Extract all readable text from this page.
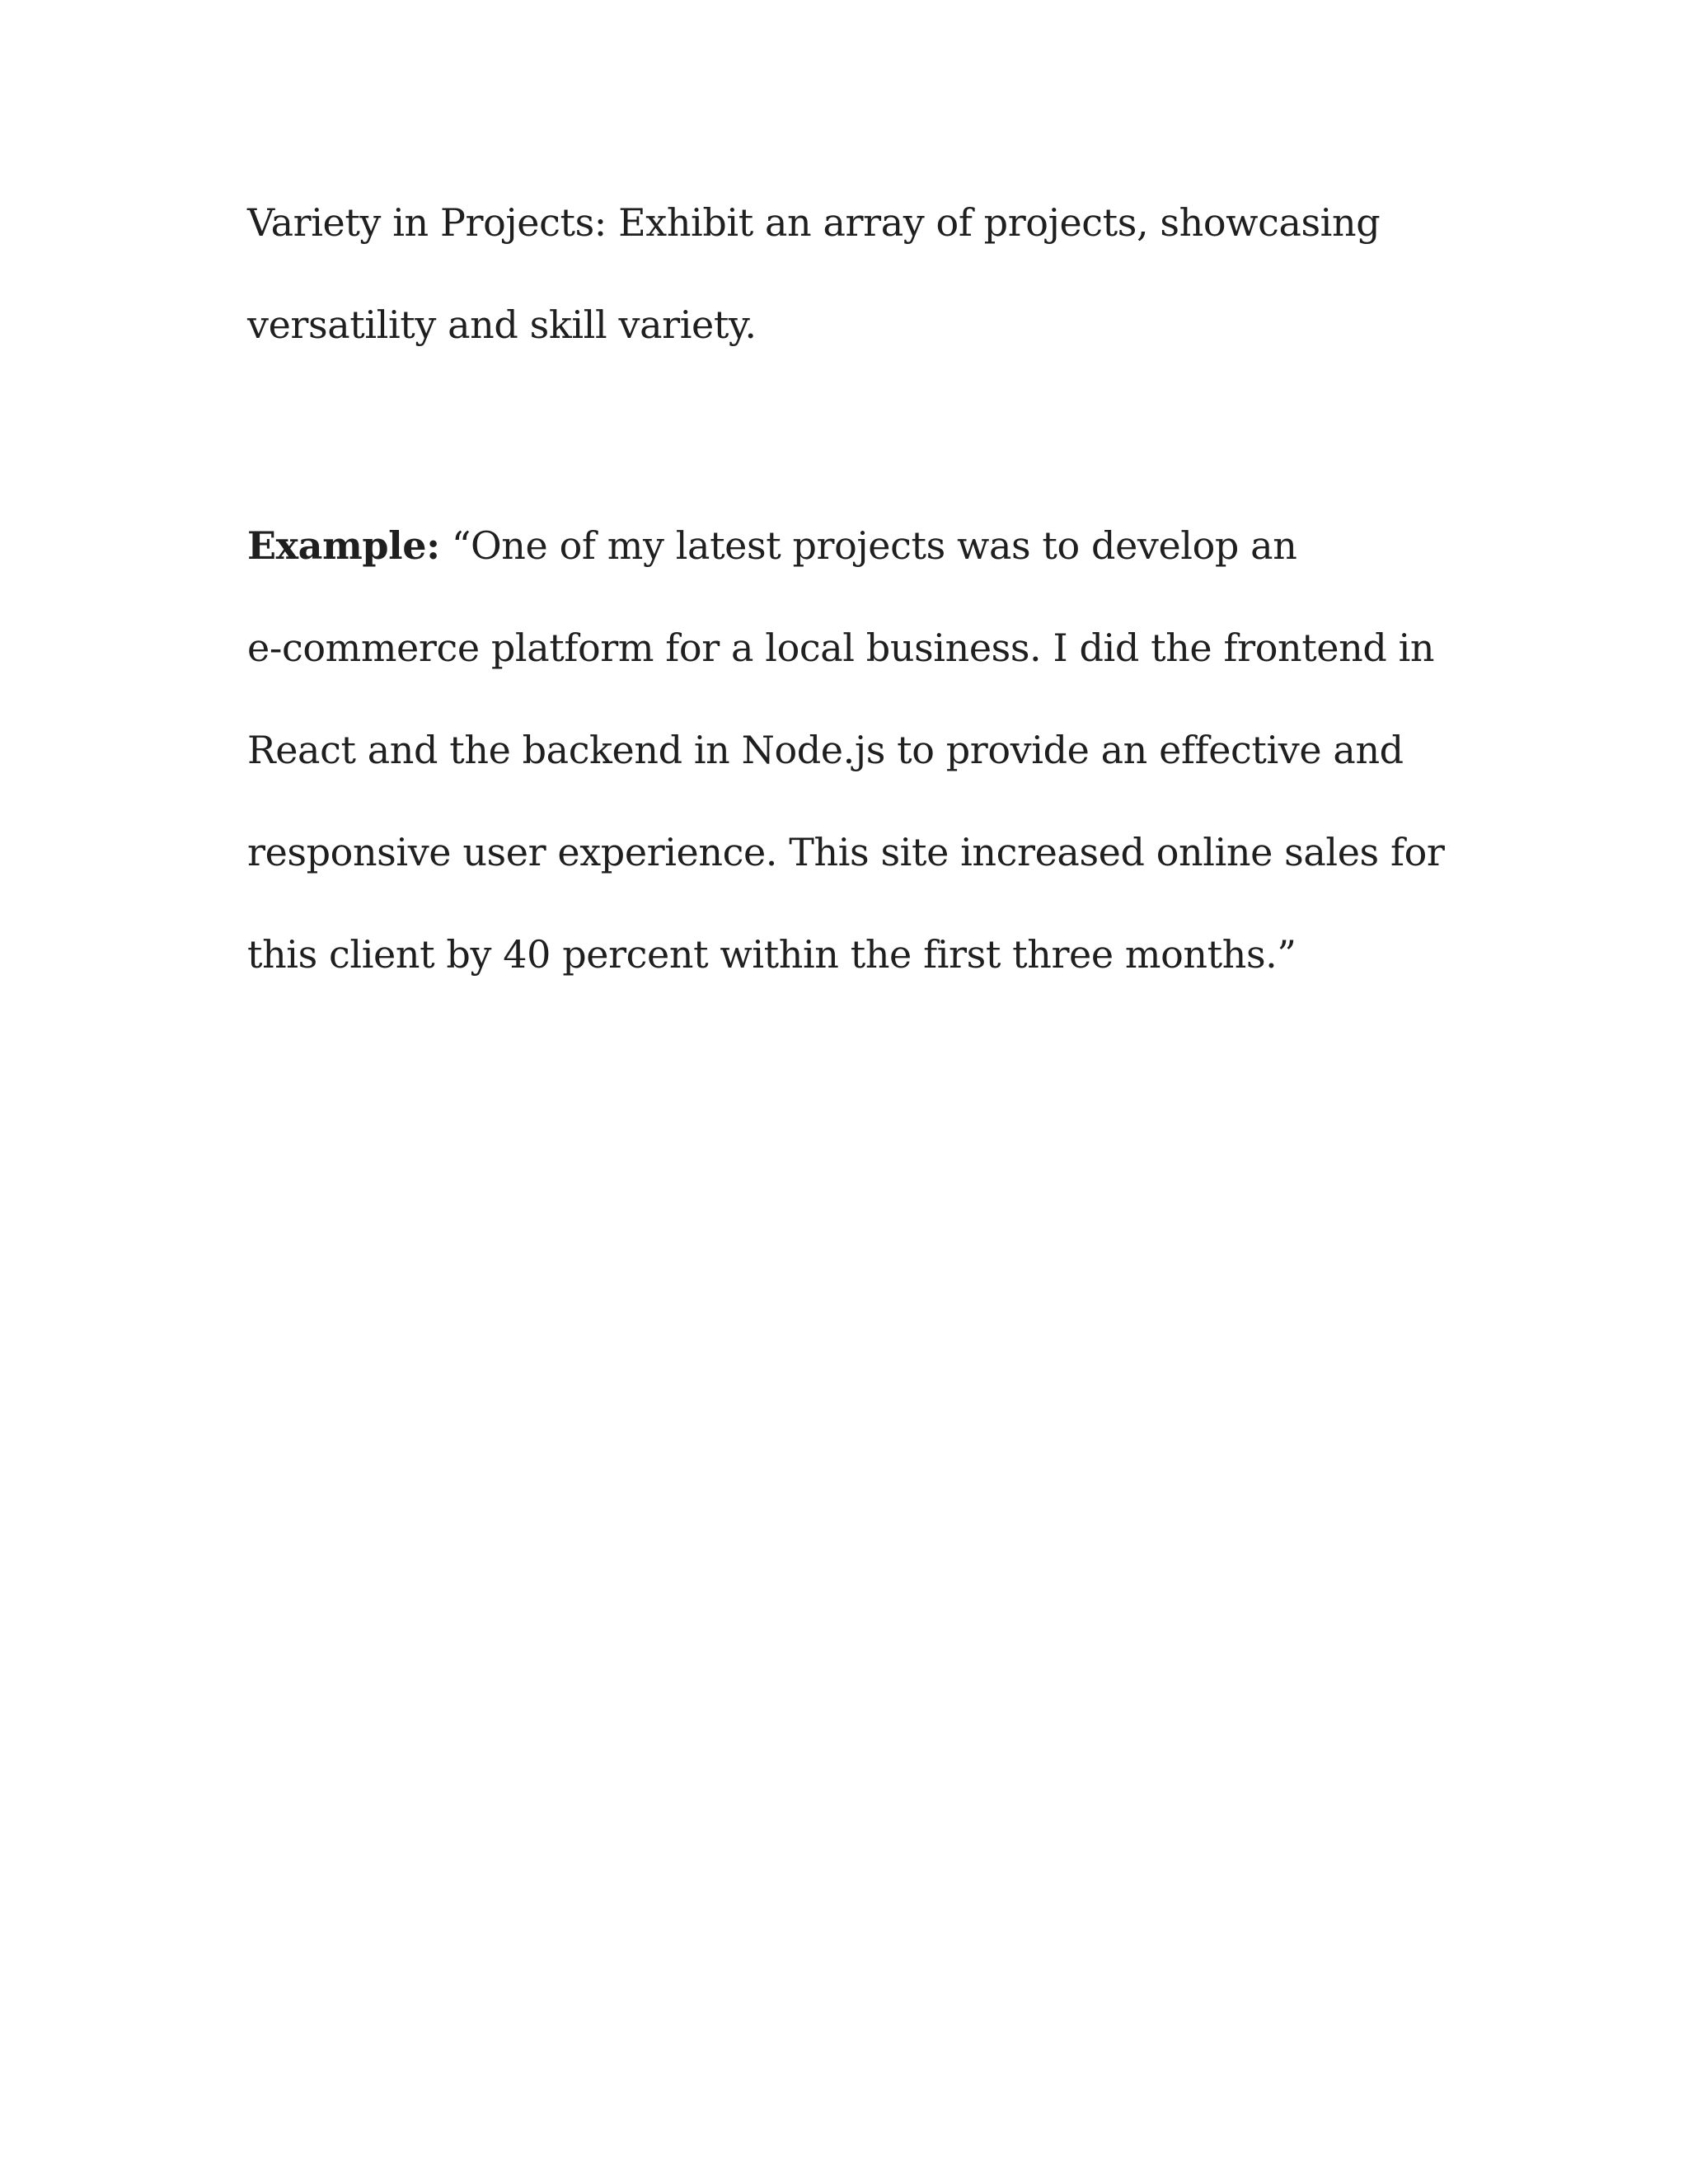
Variety in Projects: Exhibit an array of projects, showcasing
versatility and skill variety.

Example: “One of my latest projects was to develop an
e-commerce platform for a local business. I did the frontend in
React and the backend in Node.js to provide an effective and
responsive user experience. This site increased online sales for
this client by 40 percent within the first three months.”
